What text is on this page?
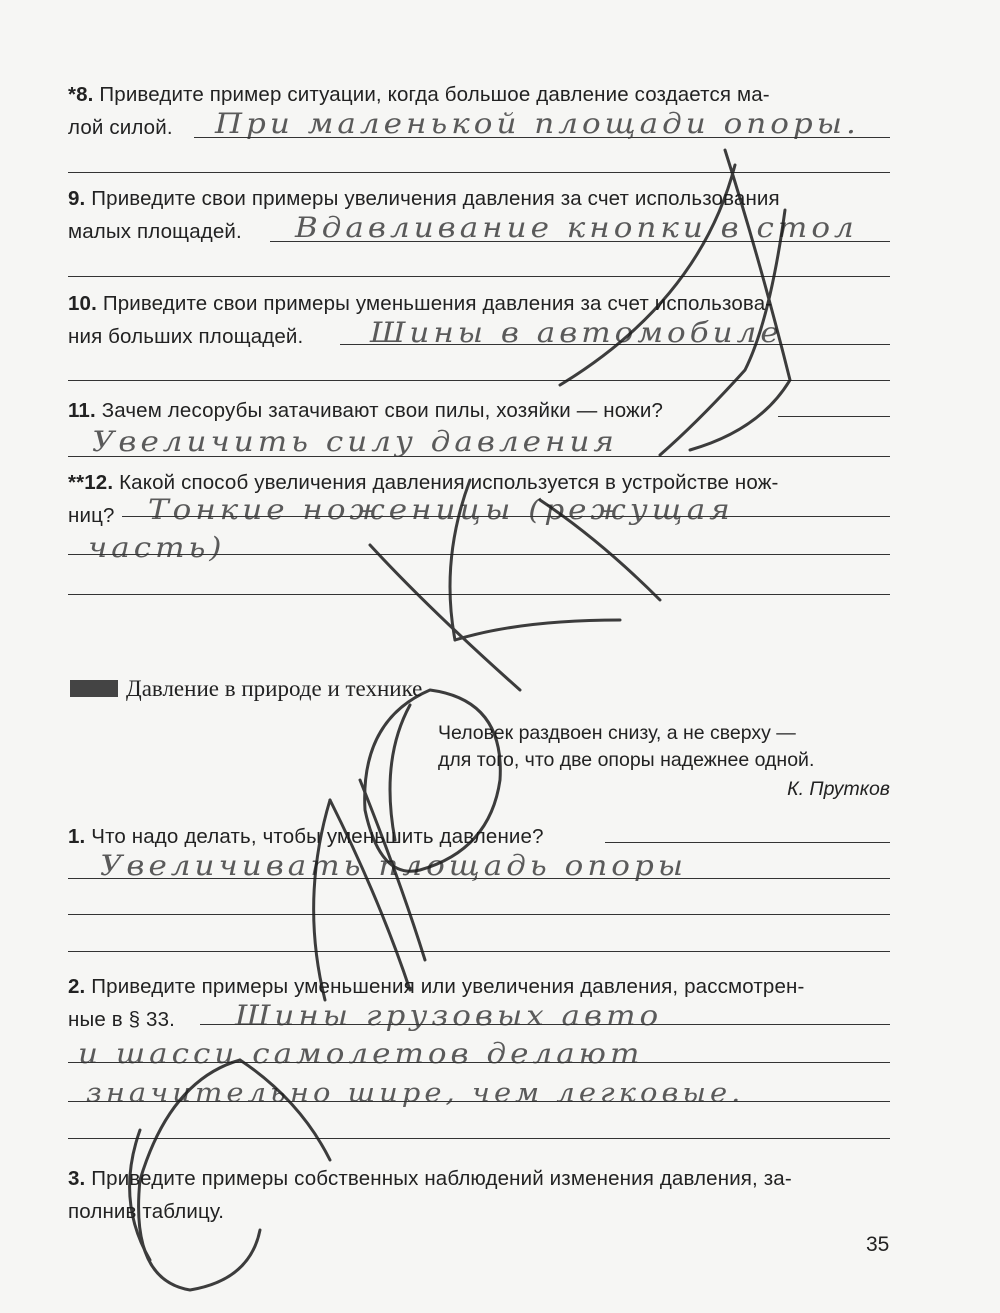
*8. Приведите пример ситуации, когда большое давление создается ма-
лой силой.	При маленькой площади опоры.
9. Приведите свои примеры увеличения давления за счет использования
малых площадей.	Вдавливание кнопки в стол
10. Приведите свои примеры уменьшения давления за счет использова-
ния больших площадей.	Шины в автомобиле
11. Зачем лесорубы затачивают свои пилы, хозяйки — ножи?
Увеличить силу давления
**12. Какой способ увеличения давления используется в устройстве нож-
ниц?	Тонкие ноженицы (режущая
часть)
Давление в природе и технике
Человек раздвоен снизу, а не сверху —
для того, что две опоры надежнее одной.
К. Прутков
1. Что надо делать, чтобы уменьшить давление?
Увеличивать площадь опоры
2. Приведите примеры уменьшения или увеличения давления, рассмотрен-
ные в § 33.	Шины грузовых авто
и шасси самолетов делают
значительно шире, чем легковые.
3. Приведите примеры собственных наблюдений изменения давления, за-
полнив таблицу.
35
